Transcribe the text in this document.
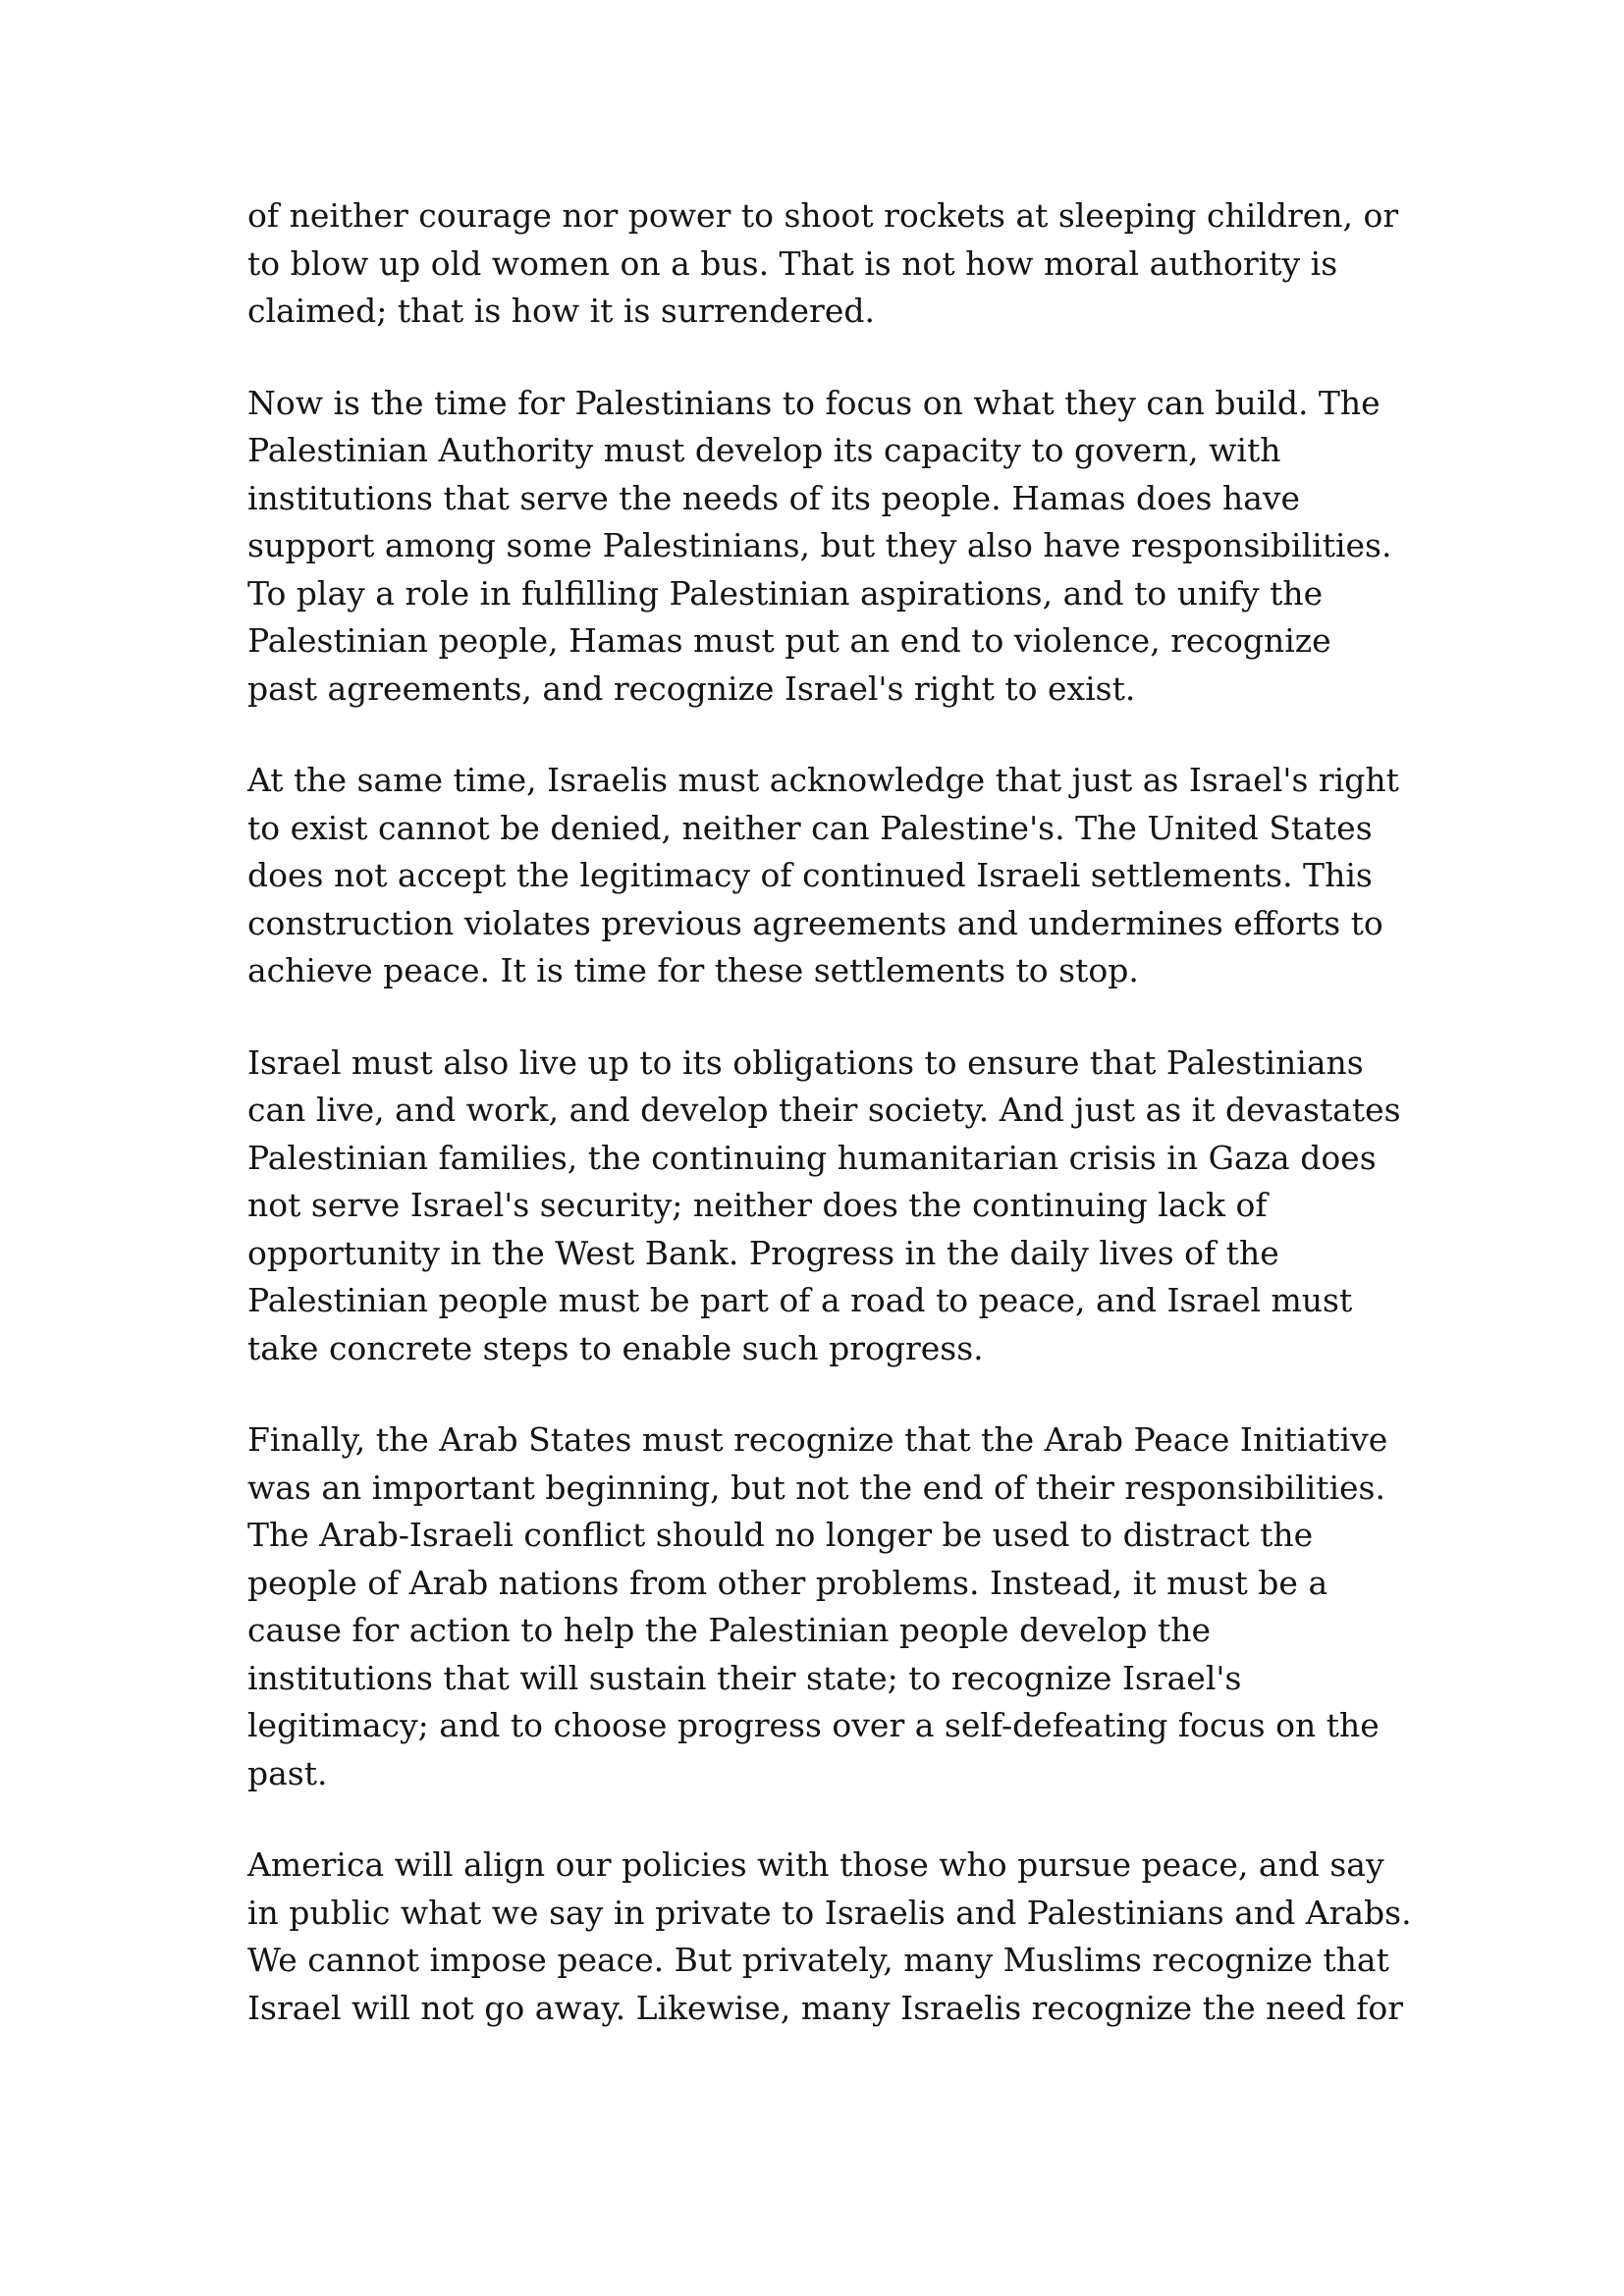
of neither courage nor power to shoot rockets at sleeping children, or
to blow up old women on a bus. That is not how moral authority is
claimed; that is how it is surrendered.

Now is the time for Palestinians to focus on what they can build. The
Palestinian Authority must develop its capacity to govern, with
institutions that serve the needs of its people. Hamas does have
support among some Palestinians, but they also have responsibilities.
To play a role in fulfilling Palestinian aspirations, and to unify the
Palestinian people, Hamas must put an end to violence, recognize
past agreements, and recognize Israel's right to exist.

At the same time, Israelis must acknowledge that just as Israel's right
to exist cannot be denied, neither can Palestine's. The United States
does not accept the legitimacy of continued Israeli settlements. This
construction violates previous agreements and undermines efforts to
achieve peace. It is time for these settlements to stop.

Israel must also live up to its obligations to ensure that Palestinians
can live, and work, and develop their society. And just as it devastates
Palestinian families, the continuing humanitarian crisis in Gaza does
not serve Israel's security; neither does the continuing lack of
opportunity in the West Bank. Progress in the daily lives of the
Palestinian people must be part of a road to peace, and Israel must
take concrete steps to enable such progress.

Finally, the Arab States must recognize that the Arab Peace Initiative
was an important beginning, but not the end of their responsibilities.
The Arab-Israeli conflict should no longer be used to distract the
people of Arab nations from other problems. Instead, it must be a
cause for action to help the Palestinian people develop the
institutions that will sustain their state; to recognize Israel's
legitimacy; and to choose progress over a self-defeating focus on the
past.

America will align our policies with those who pursue peace, and say
in public what we say in private to Israelis and Palestinians and Arabs.
We cannot impose peace. But privately, many Muslims recognize that
Israel will not go away. Likewise, many Israelis recognize the need for
